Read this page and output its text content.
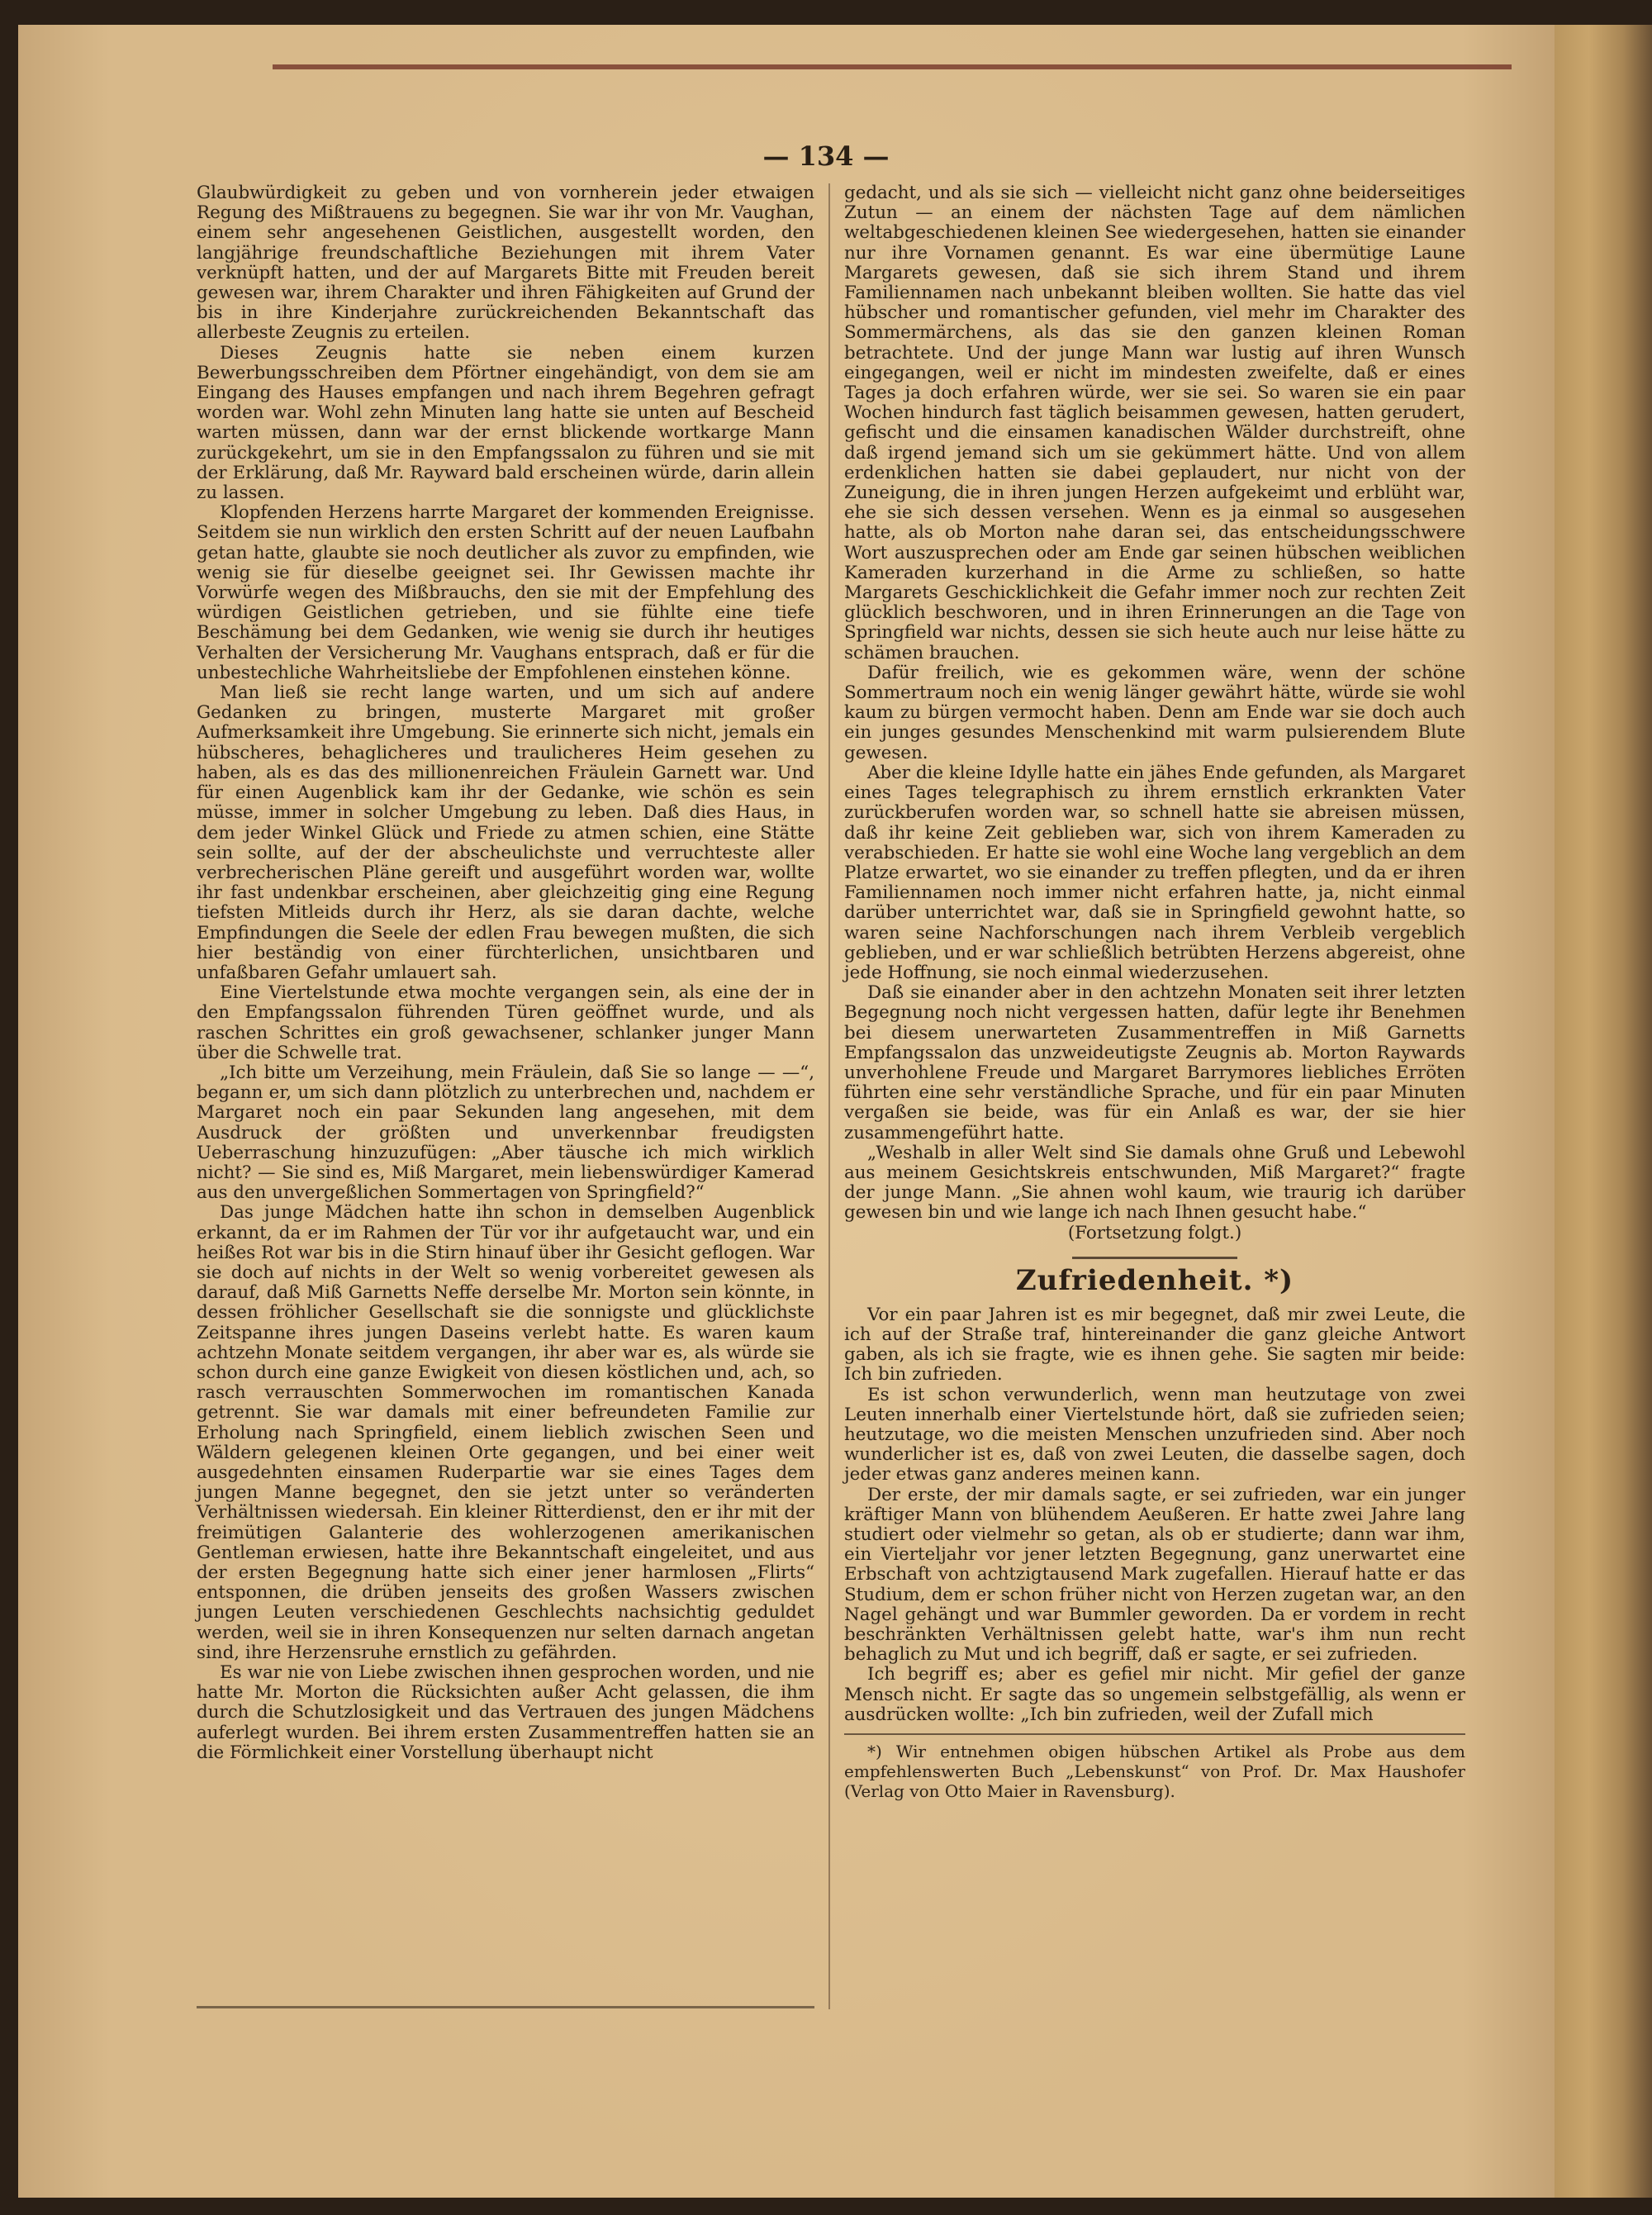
— 134 —

Glaubwürdigkeit zu geben und von vornherein jeder etwaigen Regung des Mißtrauens zu begegnen. Sie war ihr von Mr. Vaughan, einem sehr angesehenen Geistlichen, ausgestellt worden, den langjährige freundschaftliche Beziehungen mit ihrem Vater verknüpft hatten, und der auf Margarets Bitte mit Freuden bereit gewesen war, ihrem Charakter und ihren Fähigkeiten auf Grund der bis in ihre Kinderjahre zurückreichenden Bekanntschaft das allerbeste Zeugnis zu erteilen.

Dieses Zeugnis hatte sie neben einem kurzen Bewerbungsschreiben dem Pförtner eingehändigt, von dem sie am Eingang des Hauses empfangen und nach ihrem Begehren gefragt worden war. Wohl zehn Minuten lang hatte sie unten auf Bescheid warten müssen, dann war der ernst blickende wortkarge Mann zurückgekehrt, um sie in den Empfangssalon zu führen und sie mit der Erklärung, daß Mr. Rayward bald erscheinen würde, darin allein zu lassen.

Klopfenden Herzens harrte Margaret der kommenden Ereignisse. Seitdem sie nun wirklich den ersten Schritt auf der neuen Laufbahn getan hatte, glaubte sie noch deutlicher als zuvor zu empfinden, wie wenig sie für dieselbe geeignet sei. Ihr Gewissen machte ihr Vorwürfe wegen des Mißbrauchs, den sie mit der Empfehlung des würdigen Geistlichen getrieben, und sie fühlte eine tiefe Beschämung bei dem Gedanken, wie wenig sie durch ihr heutiges Verhalten der Versicherung Mr. Vaughans entsprach, daß er für die unbestechliche Wahrheitsliebe der Empfohlenen einstehen könne.

Man ließ sie recht lange warten, und um sich auf andere Gedanken zu bringen, musterte Margaret mit großer Aufmerksamkeit ihre Umgebung. Sie erinnerte sich nicht, jemals ein hübscheres, behaglicheres und traulicheres Heim gesehen zu haben, als es das des millionenreichen Fräulein Garnett war. Und für einen Augenblick kam ihr der Gedanke, wie schön es sein müsse, immer in solcher Umgebung zu leben. Daß dies Haus, in dem jeder Winkel Glück und Friede zu atmen schien, eine Stätte sein sollte, auf der der abscheulichste und verruchteste aller verbrecherischen Pläne gereift und ausgeführt worden war, wollte ihr fast undenkbar erscheinen, aber gleichzeitig ging eine Regung tiefsten Mitleids durch ihr Herz, als sie daran dachte, welche Empfindungen die Seele der edlen Frau bewegen mußten, die sich hier beständig von einer fürchterlichen, unsichtbaren und unfaßbaren Gefahr umlauert sah.

Eine Viertelstunde etwa mochte vergangen sein, als eine der in den Empfangssalon führenden Türen geöffnet wurde, und als raschen Schrittes ein groß gewachsener, schlanker junger Mann über die Schwelle trat.

„Ich bitte um Verzeihung, mein Fräulein, daß Sie so lange — —“, begann er, um sich dann plötzlich zu unterbrechen und, nachdem er Margaret noch ein paar Sekunden lang angesehen, mit dem Ausdruck der größten und unverkennbar freudigsten Ueberraschung hinzuzufügen: „Aber täusche ich mich wirklich nicht? — Sie sind es, Miß Margaret, mein liebenswürdiger Kamerad aus den unvergeßlichen Sommertagen von Springfield?“

Das junge Mädchen hatte ihn schon in demselben Augenblick erkannt, da er im Rahmen der Tür vor ihr aufgetaucht war, und ein heißes Rot war bis in die Stirn hinauf über ihr Gesicht geflogen. War sie doch auf nichts in der Welt so wenig vorbereitet gewesen als darauf, daß Miß Garnetts Neffe derselbe Mr. Morton sein könnte, in dessen fröhlicher Gesellschaft sie die sonnigste und glücklichste Zeitspanne ihres jungen Daseins verlebt hatte. Es waren kaum achtzehn Monate seitdem vergangen, ihr aber war es, als würde sie schon durch eine ganze Ewigkeit von diesen köstlichen und, ach, so rasch verrauschten Sommerwochen im romantischen Kanada getrennt. Sie war damals mit einer befreundeten Familie zur Erholung nach Springfield, einem lieblich zwischen Seen und Wäldern gelegenen kleinen Orte gegangen, und bei einer weit ausgedehnten einsamen Ruderpartie war sie eines Tages dem jungen Manne begegnet, den sie jetzt unter so veränderten Verhältnissen wiedersah. Ein kleiner Ritterdienst, den er ihr mit der freimütigen Galanterie des wohlerzogenen amerikanischen Gentleman erwiesen, hatte ihre Bekanntschaft eingeleitet, und aus der ersten Begegnung hatte sich einer jener harmlosen „Flirts“ entsponnen, die drüben jenseits des großen Wassers zwischen jungen Leuten verschiedenen Geschlechts nachsichtig geduldet werden, weil sie in ihren Konsequenzen nur selten darnach angetan sind, ihre Herzensruhe ernstlich zu gefährden.

Es war nie von Liebe zwischen ihnen gesprochen worden, und nie hatte Mr. Morton die Rücksichten außer Acht gelassen, die ihm durch die Schutzlosigkeit und das Vertrauen des jungen Mädchens auferlegt wurden. Bei ihrem ersten Zusammentreffen hatten sie an die Förmlichkeit einer Vorstellung überhaupt nicht

gedacht, und als sie sich — vielleicht nicht ganz ohne beiderseitiges Zutun — an einem der nächsten Tage auf dem nämlichen weltabgeschiedenen kleinen See wiedergesehen, hatten sie einander nur ihre Vornamen genannt. Es war eine übermütige Laune Margarets gewesen, daß sie sich ihrem Stand und ihrem Familiennamen nach unbekannt bleiben wollten. Sie hatte das viel hübscher und romantischer gefunden, viel mehr im Charakter des Sommermärchens, als das sie den ganzen kleinen Roman betrachtete. Und der junge Mann war lustig auf ihren Wunsch eingegangen, weil er nicht im mindesten zweifelte, daß er eines Tages ja doch erfahren würde, wer sie sei. So waren sie ein paar Wochen hindurch fast täglich beisammen gewesen, hatten gerudert, gefischt und die einsamen kanadischen Wälder durchstreift, ohne daß irgend jemand sich um sie gekümmert hätte. Und von allem erdenklichen hatten sie dabei geplaudert, nur nicht von der Zuneigung, die in ihren jungen Herzen aufgekeimt und erblüht war, ehe sie sich dessen versehen. Wenn es ja einmal so ausgesehen hatte, als ob Morton nahe daran sei, das entscheidungsschwere Wort auszusprechen oder am Ende gar seinen hübschen weiblichen Kameraden kurzerhand in die Arme zu schließen, so hatte Margarets Geschicklichkeit die Gefahr immer noch zur rechten Zeit glücklich beschworen, und in ihren Erinnerungen an die Tage von Springfield war nichts, dessen sie sich heute auch nur leise hätte zu schämen brauchen.

Dafür freilich, wie es gekommen wäre, wenn der schöne Sommertraum noch ein wenig länger gewährt hätte, würde sie wohl kaum zu bürgen vermocht haben. Denn am Ende war sie doch auch ein junges gesundes Menschenkind mit warm pulsierendem Blute gewesen.

Aber die kleine Idylle hatte ein jähes Ende gefunden, als Margaret eines Tages telegraphisch zu ihrem ernstlich erkrankten Vater zurückberufen worden war, so schnell hatte sie abreisen müssen, daß ihr keine Zeit geblieben war, sich von ihrem Kameraden zu verabschieden. Er hatte sie wohl eine Woche lang vergeblich an dem Platze erwartet, wo sie einander zu treffen pflegten, und da er ihren Familiennamen noch immer nicht erfahren hatte, ja, nicht einmal darüber unterrichtet war, daß sie in Springfield gewohnt hatte, so waren seine Nachforschungen nach ihrem Verbleib vergeblich geblieben, und er war schließlich betrübten Herzens abgereist, ohne jede Hoffnung, sie noch einmal wiederzusehen.

Daß sie einander aber in den achtzehn Monaten seit ihrer letzten Begegnung noch nicht vergessen hatten, dafür legte ihr Benehmen bei diesem unerwarteten Zusammentreffen in Miß Garnetts Empfangssalon das unzweideutigste Zeugnis ab. Morton Raywards unverhohlene Freude und Margaret Barrymores liebliches Erröten führten eine sehr verständliche Sprache, und für ein paar Minuten vergaßen sie beide, was für ein Anlaß es war, der sie hier zusammengeführt hatte.

„Weshalb in aller Welt sind Sie damals ohne Gruß und Lebewohl aus meinem Gesichtskreis entschwunden, Miß Margaret?“ fragte der junge Mann. „Sie ahnen wohl kaum, wie traurig ich darüber gewesen bin und wie lange ich nach Ihnen gesucht habe.“

(Fortsetzung folgt.)

Zufriedenheit. *)

Vor ein paar Jahren ist es mir begegnet, daß mir zwei Leute, die ich auf der Straße traf, hintereinander die ganz gleiche Antwort gaben, als ich sie fragte, wie es ihnen gehe. Sie sagten mir beide: Ich bin zufrieden.

Es ist schon verwunderlich, wenn man heutzutage von zwei Leuten innerhalb einer Viertelstunde hört, daß sie zufrieden seien; heutzutage, wo die meisten Menschen unzufrieden sind. Aber noch wunderlicher ist es, daß von zwei Leuten, die dasselbe sagen, doch jeder etwas ganz anderes meinen kann.

Der erste, der mir damals sagte, er sei zufrieden, war ein junger kräftiger Mann von blühendem Aeußeren. Er hatte zwei Jahre lang studiert oder vielmehr so getan, als ob er studierte; dann war ihm, ein Vierteljahr vor jener letzten Begegnung, ganz unerwartet eine Erbschaft von achtzigtausend Mark zugefallen. Hierauf hatte er das Studium, dem er schon früher nicht von Herzen zugetan war, an den Nagel gehängt und war Bummler geworden. Da er vordem in recht beschränkten Verhältnissen gelebt hatte, war's ihm nun recht behaglich zu Mut und ich begriff, daß er sagte, er sei zufrieden.

Ich begriff es; aber es gefiel mir nicht. Mir gefiel der ganze Mensch nicht. Er sagte das so ungemein selbstgefällig, als wenn er ausdrücken wollte: „Ich bin zufrieden, weil der Zufall mich

*) Wir entnehmen obigen hübschen Artikel als Probe aus dem empfehlenswerten Buch „Lebenskunst“ von Prof. Dr. Max Haushofer (Verlag von Otto Maier in Ravensburg).
